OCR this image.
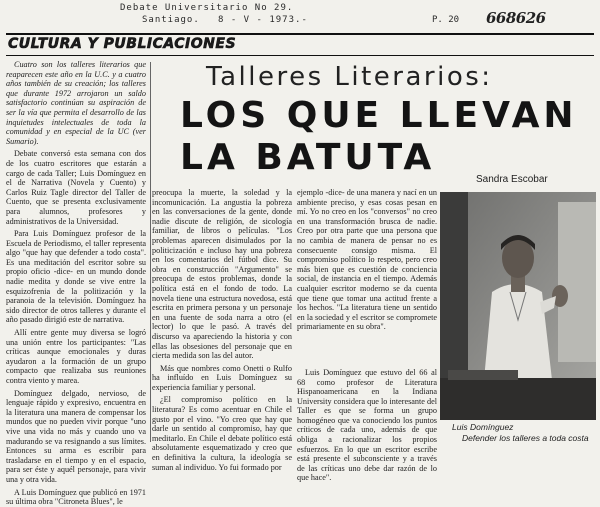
Debate Universitario No 29.
Santiago. 8 - V - 1973.-	P. 20 668626
CULTURA Y PUBLICACIONES

Cuatro son los talleres literarios que reaparecen este año en la U.C. y a cuatro años también de su creación; los talleres que durante 1972 arrojaron un saldo satisfactorio continúan su aspiración de ser la vía que permita el desarrollo de las inquietudes intelectuales de toda la comunidad y en especial de la UC (ver Sumario).

Debate conversó esta semana con dos de los cuatro escritores que estarán a cargo de cada Taller; Luis Domínguez en el de Narrativa (Novela y Cuento) y Carlos Ruiz Tagle director del Taller de Cuento, que se presenta exclusivamente para alumnos, profesores y administrativos de la Universidad.

Para Luis Domínguez profesor de la Escuela de Periodismo, el taller representa algo "que hay que defender a todo costa". Es una meditación del escritor sobre su propio oficio -dice- en un mundo donde nadie medita y donde se vive entre la esquizofrenia de la politización y la paranoia de la televisión. Domínguez ha sido director de otros talleres y durante el año pasado dirigió este de narrativa.

Allí entre gente muy diversa se logró una unión entre los participantes: "Las críticas aunque emocionales y duras ayudaron a la formación de un grupo compacto que realizaba sus reuniones contra viento y marea.

Domínguez delgado, nervioso, de lenguaje rápido y expresivo, encuentra en la literatura una manera de compensar los mundos que no pueden vivir porque "uno vive una vida no más y cuando uno va madurando se va resignando a sus límites. Entonces su arma es escribir para trasladarse en el tiempo y en el espacio, para ser éste y aquél personaje, para vivir una y otra vida.

A Luis Domínguez que publicó en 1971 su última obra "Citroneta Blues", le

Talleres Literarios:
LOS QUE LLEVAN
LA BATUTA
Sandra Escobar

preocupa la muerte, la soledad y la incomunicación. La angustia la pobreza en las conversaciones de la gente, donde nadie discute de religión, de sicología familiar, de libros o películas. "Los problemas aparecen disimulados por la politicización e incluso hay una pobreza en los comentarios del fútbol dice. Su obra en construcción "Argumento" se preocupa de estos problemas, donde la política está en el fondo de todo. La novela tiene una estructura novedosa, está escrita en primera persona y un personaje en una fuente de soda narra a otro (el lector) lo que le pasó. A través del discurso va apareciendo la historia y con ellas las obsesiones del personaje que en cierta medida son las del autor.

Más que nombres como Onetti o Rulfo ha influído en Luis Domínguez su experiencia familiar y personal.

¿El compromiso político en la literatura? Es como acentuar en Chile el gusto por el vino. "Yo creo que hay que darle un sentido al compromiso, hay que meditarlo. En Chile el debate político está absolutamente esquematizado y creo que en definitiva la cultura, la ideología se suman al individuo. Yo fui formado por

ejemplo -dice- de una manera y nací en un ambiente preciso, y esas cosas pesan en mí. Yo no creo en los "conversos" no creo en una transformación brusca de nadie. Creo por otra parte que una persona que no cambia de manera de pensar no es consecuente consigo misma. El compromiso político lo respeto, pero creo más bien que es cuestión de conciencia social, de instancia en el tiempo. Además cualquier escritor moderno se da cuenta que tiene que tomar una actitud frente a los hechos. "La literatura tiene un sentido en la sociedad y el escritor se compromete primariamente en su obra".

Luis Domínguez que estuvo del 66 al 68 como profesor de Literatura Hispanoamericana en la Indiana University considera que lo interesante del Taller es que se forma un grupo homogéneo que va conociendo los puntos críticos de cada uno, además de que obliga a racionalizar los propios esfuerzos. En lo que un escritor escribe está presente el subconsciente y a través de las críticas uno debe dar razón de lo que hace".

Luis Domínguez
Defender los talleres a toda costa
